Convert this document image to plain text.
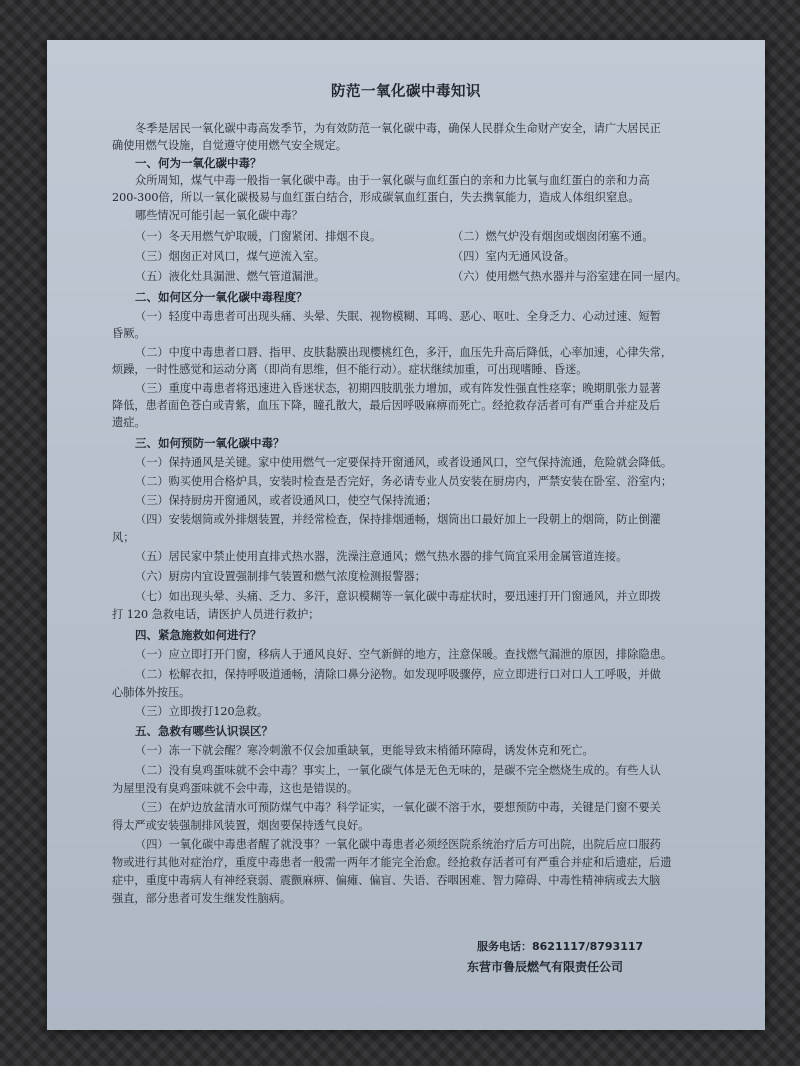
防范一氧化碳中毒知识
冬季是居民一氧化碳中毒高发季节，为有效防范一氧化碳中毒，确保人民群众生命财产安全，请广大居民正
确使用燃气设施，自觉遵守使用燃气安全规定。
一、何为一氧化碳中毒？
众所周知，煤气中毒一般指一氧化碳中毒。由于一氧化碳与血红蛋白的亲和力比氧与血红蛋白的亲和力高
200-300倍，所以一氧化碳极易与血红蛋白结合，形成碳氧血红蛋白，失去携氧能力，造成人体组织窒息。
哪些情况可能引起一氧化碳中毒？
（一）冬天用燃气炉取暖，门窗紧闭、排烟不良。	（二）燃气炉没有烟囱或烟囱闭塞不通。
（三）烟囱正对风口，煤气逆流入室。	（四）室内无通风设备。
（五）液化灶具漏泄、燃气管道漏泄。	（六）使用燃气热水器并与浴室建在同一屋内。
二、如何区分一氧化碳中毒程度？
（一）轻度中毒患者可出现头痛、头晕、失眠、视物模糊、耳鸣、恶心、呕吐、全身乏力、心动过速、短暂
昏厥。
（二）中度中毒患者口唇、指甲、皮肤黏膜出现樱桃红色，多汗，血压先升高后降低，心率加速，心律失常，
烦躁，一时性感觉和运动分离（即尚有思维，但不能行动）。症状继续加重，可出现嗜睡、昏迷。
（三）重度中毒患者将迅速进入昏迷状态，初期四肢肌张力增加，或有阵发性强直性痉挛；晚期肌张力显著
降低，患者面色苍白或青紫，血压下降，瞳孔散大，最后因呼吸麻痹而死亡。经抢救存活者可有严重合并症及后
遗症。
三、如何预防一氧化碳中毒？
（一）保持通风是关键。家中使用燃气一定要保持开窗通风，或者设通风口，空气保持流通，危险就会降低。
（二）购买使用合格炉具，安装时检查是否完好，务必请专业人员安装在厨房内，严禁安装在卧室、浴室内；
（三）保持厨房开窗通风，或者设通风口，使空气保持流通；
（四）安装烟筒或外排烟装置，并经常检查，保持排烟通畅，烟筒出口最好加上一段朝上的烟筒，防止倒灌
风；
（五）居民家中禁止使用直排式热水器，洗澡注意通风；燃气热水器的排气筒宜采用金属管道连接。
（六）厨房内宜设置强制排气装置和燃气浓度检测报警器；
（七）如出现头晕、头痛、乏力、多汗，意识模糊等一氧化碳中毒症状时，要迅速打开门窗通风，并立即拨
打 120 急救电话，请医护人员进行救护；
四、紧急施救如何进行？
（一）应立即打开门窗，移病人于通风良好、空气新鲜的地方，注意保暖。查找燃气漏泄的原因，排除隐患。
（二）松解衣扣，保持呼吸道通畅，清除口鼻分泌物。如发现呼吸骤停，应立即进行口对口人工呼吸，并做
心肺体外按压。
（三）立即拨打120急救。
五、急救有哪些认识误区？
（一）冻一下就会醒？寒冷刺激不仅会加重缺氧，更能导致末梢循环障碍，诱发休克和死亡。
（二）没有臭鸡蛋味就不会中毒？事实上，一氧化碳气体是无色无味的，是碳不完全燃烧生成的。有些人认
为屋里没有臭鸡蛋味就不会中毒，这也是错误的。
（三）在炉边放盆清水可预防煤气中毒？科学证实，一氧化碳不溶于水，要想预防中毒，关键是门窗不要关
得太严或安装强制排风装置，烟囱要保持透气良好。
（四）一氧化碳中毒患者醒了就没事？一氧化碳中毒患者必须经医院系统治疗后方可出院，出院后应口服药
物或进行其他对症治疗，重度中毒患者一般需一两年才能完全治愈。经抢救存活者可有严重合并症和后遗症，后遗
症中，重度中毒病人有神经衰弱、震颤麻痹、偏瘫、偏盲、失语、吞咽困难、智力障碍、中毒性精神病或去大脑
强直，部分患者可发生继发性脑病。
服务电话：8621117/8793117
东营市鲁辰燃气有限责任公司
